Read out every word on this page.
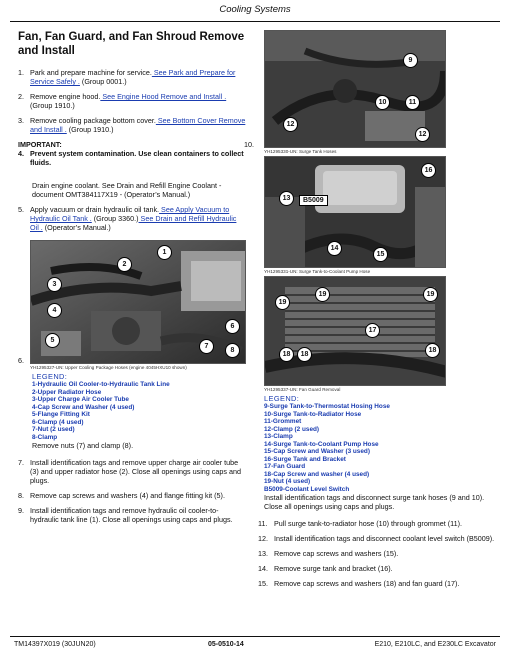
Cooling Systems
Fan, Fan Guard, and Fan Shroud Remove and Install
1. Park and prepare machine for service. See Park and Prepare for Service Safely . (Group 0001.)
2. Remove engine hood. See Engine Hood Remove and Install . (Group 1910.)
3. Remove cooling package bottom cover. See Bottom Cover Remove and Install . (Group 1910.)
IMPORTANT:
4. Prevent system contamination. Use clean containers to collect fluids.
Drain engine coolant. See Drain and Refill Engine Coolant - document OMT384117X19 - (Operator’s Manual.)
5. Apply vacuum or drain hydraulic oil tank. See Apply Vacuum to Hydraulic Oil Tank . (Group 3360.) See Drain and Refill Hydraulic Oil . (Operator’s Manual.)
6.
1
2
3
4
5
6
7
8
YH1295327-UN: Upper Cooling Package Hoses (engine 4045HXU10 shown)
LEGEND:
1-Hydraulic Oil Cooler-to-Hydraulic Tank Line
2-Upper Radiator Hose
3-Upper Charge Air Cooler Tube
4-Cap Screw and Washer (4 used)
5-Flange Fitting Kit
6-Clamp (4 used)
7-Nut (2 used)
8-Clamp
Remove nuts (7) and clamp (8).
7. Install identification tags and remove upper charge air cooler tube (3) and upper radiator hose (2). Close all openings using caps and plugs.
8. Remove cap screws and washers (4) and flange fitting kit (5).
9. Install identification tags and remove hydraulic oil cooler-to-hydraulic tank line (1). Close all openings using caps and plugs.
10.
9
10	11
12
12
YH1295330-UN: Surge Tank Hoses
16
13	B5009
14
15
YH1295331-UN: Surge Tank-to-Coolant Pump Hose
19
19	19
17
18	18
18
YH1295337-UN: Fan Guard Removal
LEGEND:
9-Surge Tank-to-Thermostat Hosing Hose
10-Surge Tank-to-Radiator Hose
11-Grommet
12-Clamp (2 used)
13-Clamp
14-Surge Tank-to-Coolant Pump Hose
15-Cap Screw and Washer (3 used)
16-Surge Tank and Bracket
17-Fan Guard
18-Cap Screw and washer (4 used)
19-Nut (4 used)
B5009-Coolant Level Switch
Install identification tags and disconnect surge tank hoses (9 and 10). Close all openings using caps and plugs.
11. Pull surge tank-to-radiator hose (10) through grommet (11).
12. Install identification tags and disconnect coolant level switch (B5009).
13. Remove cap screws and washers (15).
14. Remove surge tank and bracket (16).
15. Remove cap screws and washers (18) and fan guard (17).
TM14397X019 (30JUN20)	05-0510-14	E210, E210LC, and E230LC Excavator
